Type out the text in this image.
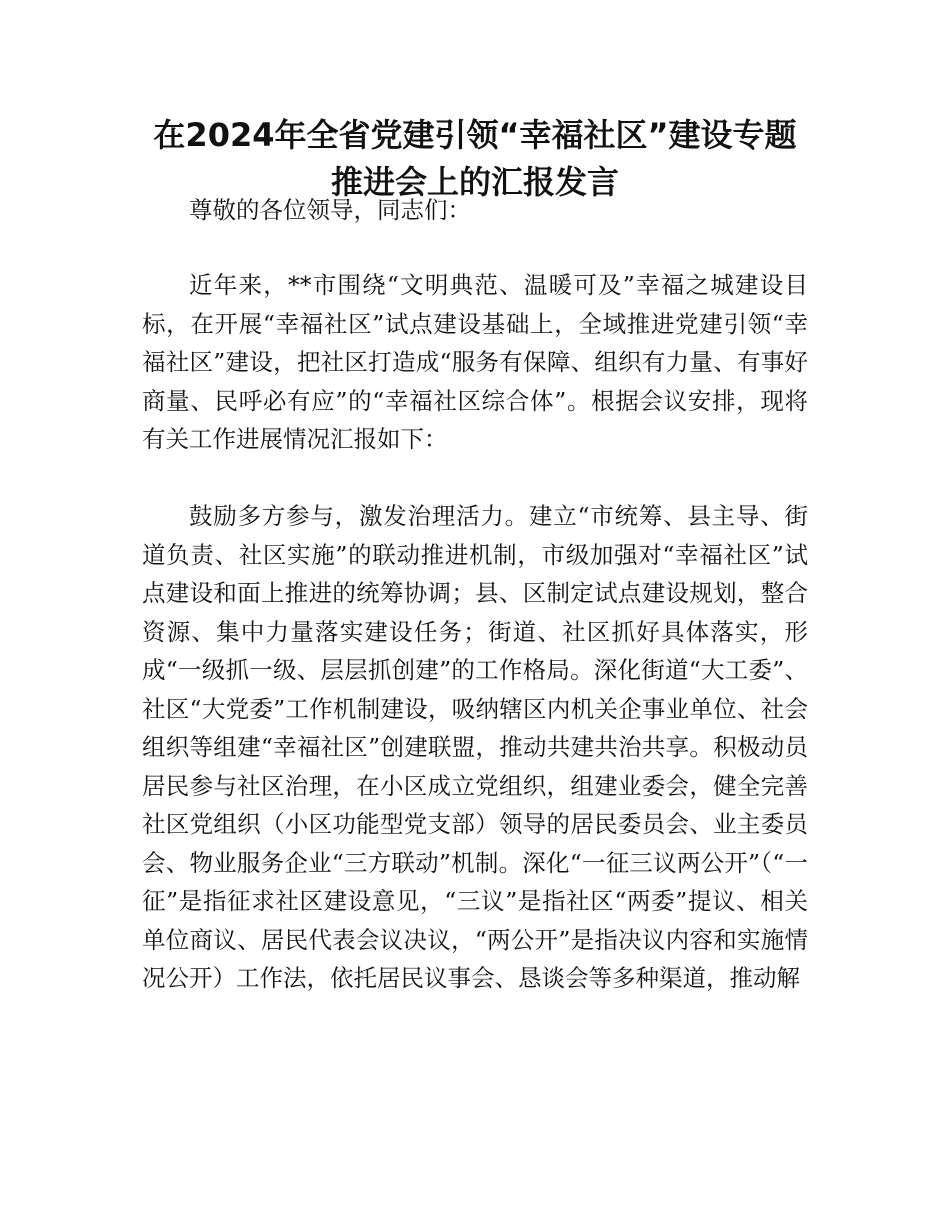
在2024年全省党建引领“幸福社区”建设专题推进会上的汇报发言

尊敬的各位领导，同志们：

近年来，**市围绕“文明典范、温暖可及”幸福之城建设目标，在开展“幸福社区”试点建设基础上，全域推进党建引领“幸福社区”建设，把社区打造成“服务有保障、组织有力量、有事好商量、民呼必有应”的“幸福社区综合体”。根据会议安排，现将有关工作进展情况汇报如下：

鼓励多方参与，激发治理活力。建立“市统筹、县主导、街道负责、社区实施”的联动推进机制，市级加强对“幸福社区”试点建设和面上推进的统筹协调；县、区制定试点建设规划，整合资源、集中力量落实建设任务；街道、社区抓好具体落实，形成“一级抓一级、层层抓创建”的工作格局。深化街道“大工委”、社区“大党委”工作机制建设，吸纳辖区内机关企事业单位、社会组织等组建“幸福社区”创建联盟，推动共建共治共享。积极动员居民参与社区治理，在小区成立党组织，组建业委会，健全完善社区党组织（小区功能型党支部）领导的居民委员会、业主委员会、物业服务企业“三方联动”机制。深化“一征三议两公开”（“一征”是指征求社区建设意见，“三议”是指社区“两委”提议、相关单位商议、居民代表会议决议，“两公开”是指决议内容和实施情况公开）工作法，依托居民议事会、恳谈会等多种渠道，推动解
